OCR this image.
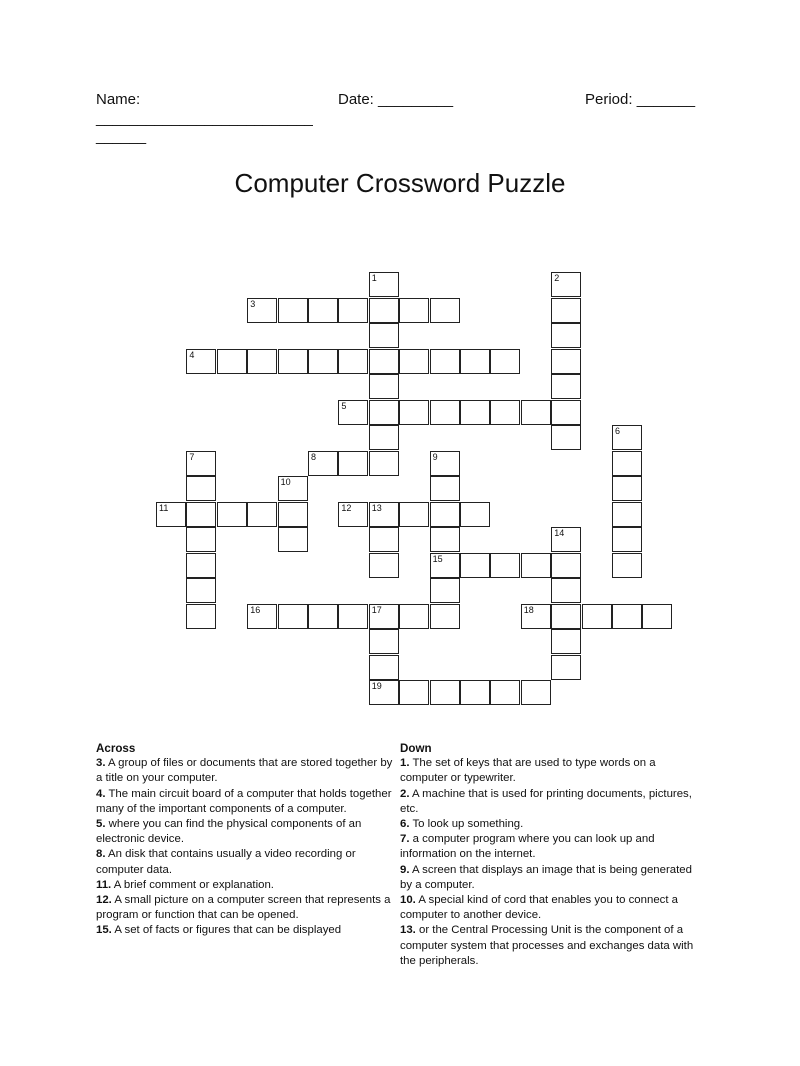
Name:
__________________________
______
Date: _________	Period: _______
Computer Crossword Puzzle
1	2
3
4
5
6
7	8	9
15
10
11	12 13
14
16	17
19
18
Across

3. A group of files or documents that are stored together by a title on your computer.

4. The main circuit board of a computer that holds together many of the important components of a computer.

5. where you can find the physical components of an electronic device.

8. An disk that contains usually a video recording or computer data.

11. A brief comment or explanation.

12. A small picture on a computer screen that represents a program or function that can be opened.

15. A set of facts or figures that can be displayed

Down

1. The set of keys that are used to type words on a computer or typewriter.

2. A machine that is used for printing documents, pictures, etc.

6. To look up something.

7. a computer program where you can look up and information on the internet.

9. A screen that displays an image that is being generated by a computer.

10. A special kind of cord that enables you to connect a computer to another device.

13. or the Central Processing Unit is the component of a computer system that processes and exchanges data with the peripherals.
